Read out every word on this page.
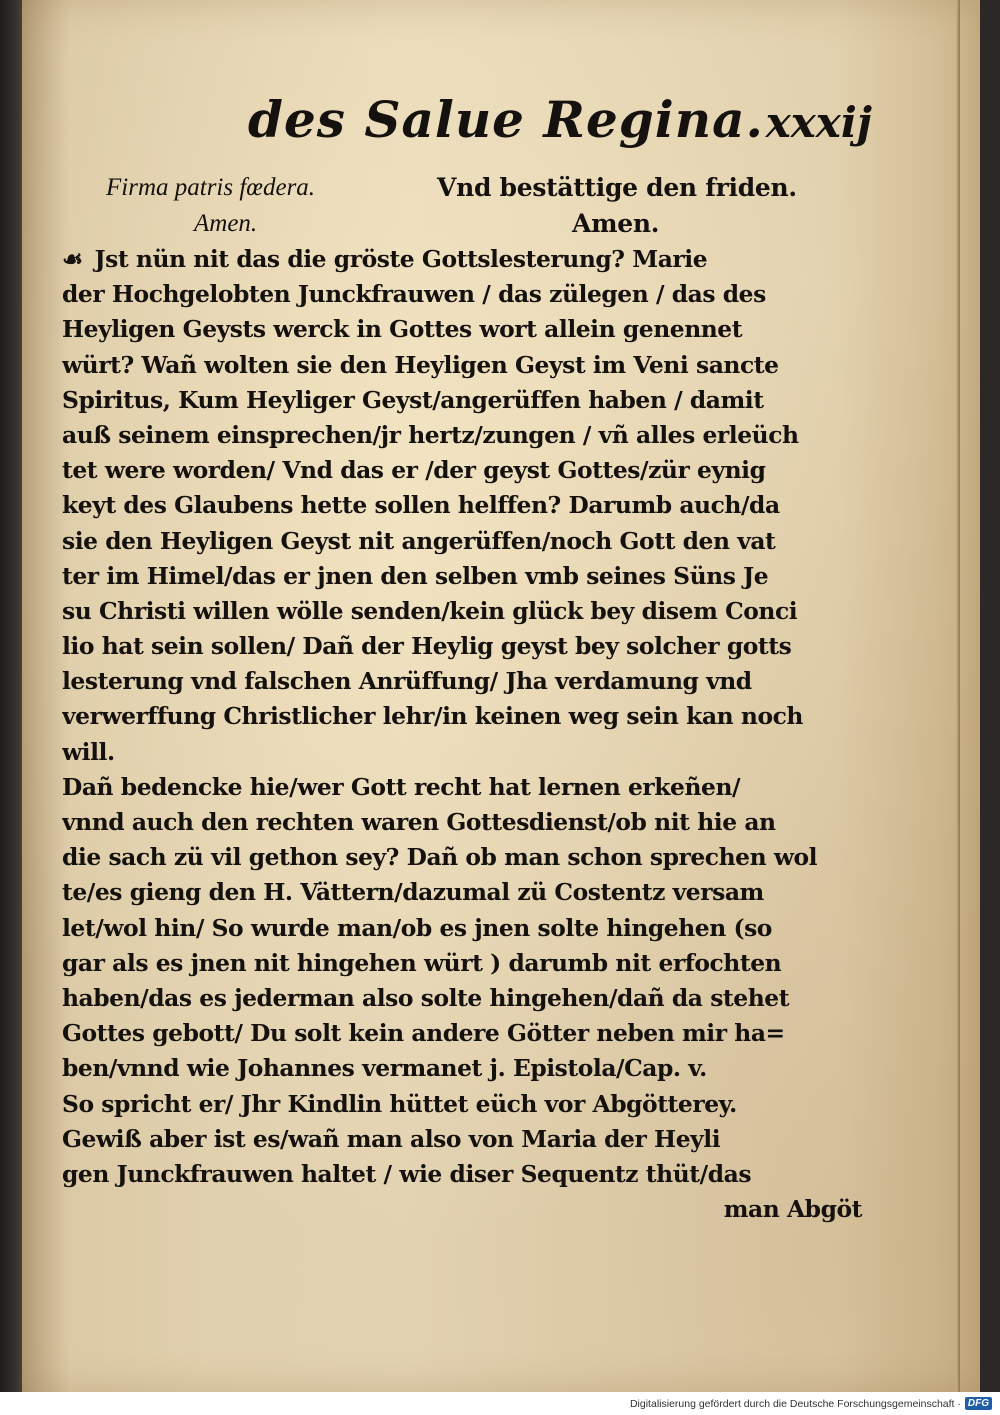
des Salue Regina. xxxij
Firma patris fœdera.	Vnd bestättige den friden.
Amen.	Amen.
☙ Jst nün nit das die gröste Gottslesterung? Marie
der Hochgelobten Junckfrauwen / das zülegen / das des
Heyligen Geysts werck in Gottes wort allein genennet
würt? Wañ wolten sie den Heyligen Geyst im Veni sancte
Spiritus, Kum Heyliger Geyst/angerüffen haben / damit
auß seinem einsprechen/jr hertz/zungen / vñ alles erleüch
tet were worden/ Vnd das er /der geyst Gottes/zür eynig
keyt des Glaubens hette sollen helffen? Darumb auch/da
sie den Heyligen Geyst nit angerüffen/noch Gott den vat
ter im Himel/das er jnen den selben vmb seines Süns Je
su Christi willen wölle senden/kein glück bey disem Conci
lio hat sein sollen/ Dañ der Heylig geyst bey solcher gotts
lesterung vnd falschen Anrüffung/ Jha verdamung vnd
verwerffung Christlicher lehr/in keinen weg sein kan noch
will.
Dañ bedencke hie/wer Gott recht hat lernen erkeñen/
vnnd auch den rechten waren Gottesdienst/ob nit hie an
die sach zü vil gethon sey? Dañ ob man schon sprechen wol
te/es gieng den H. Vättern/dazumal zü Costentz versam
let/wol hin/ So wurde man/ob es jnen solte hingehen (so
gar als es jnen nit hingehen würt ) darumb nit erfochten
haben/das es jederman also solte hingehen/dañ da stehet
Gottes gebott/ Du solt kein andere Götter neben mir ha=
ben/vnnd wie Johannes vermanet j. Epistola/Cap. v.
So spricht er/ Jhr Kindlin hüttet eüch vor Abgötterey.
Gewiß aber ist es/wañ man also von Maria der Heyli
gen Junckfrauwen haltet / wie diser Sequentz thüt/das
man Abgöt
Digitalisierung gefördert durch die Deutsche Forschungsgemeinschaft · DFG
